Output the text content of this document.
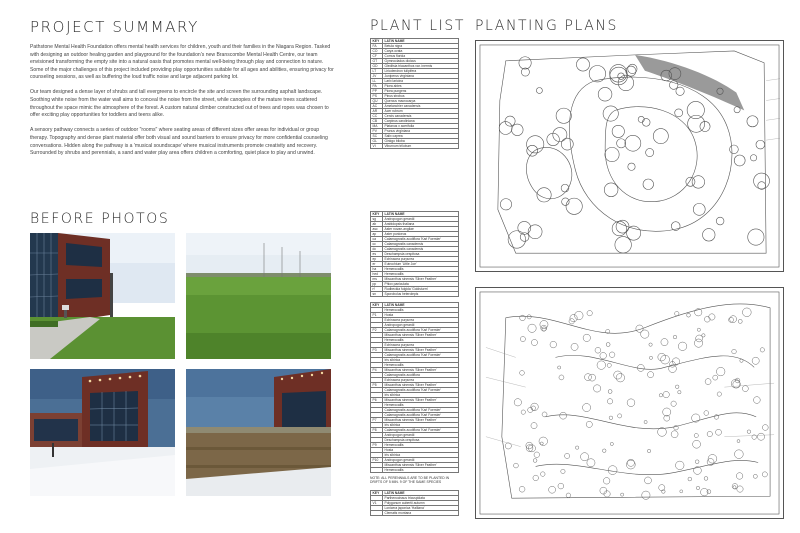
PROJECT SUMMARY

Pathstone Mental Health Foundation offers mental health services for children, youth and their families in the Niagara Region. Tasked with designing an outdoor healing garden and playground for the foundation's new Branscombe Mental Health Centre, our team envisioned transforming the empty site into a natural oasis that promotes mental well-being through play and connection to nature. Some of the major challenges of this project included providing play opportunities suitable for all ages and abilities, ensuring privacy for counseling sessions, as well as buffering the loud traffic noise and large adjacent parking lot.

Our team designed a dense layer of shrubs and tall evergreens to encircle the site and screen the surrounding asphalt landscape. Soothing white noise from the water wall aims to conceal the noise from the street, while canopies of the mature trees scattered throughout the space mimic the atmosphere of the forest. A custom natural climber constructed out of trees and ropes was chosen to offer exciting play opportunities for toddlers and teens alike.

A sensory pathway connects a series of outdoor "rooms" where seating areas of different sizes offer areas for individual or group therapy. Topography and dense plant material offer both visual and sound barriers to ensure privacy for more confidential counseling conversations. Hidden along the pathway is a 'musical soundscape' where musical instruments promote creativity and recovery. Surrounded by shrubs and perennials, a sand and water play area offers children a comforting, quiet place to play and unwind.

BEFORE PHOTOS
PLANT LIST
KEY	LATIN NAME
FA	Betula nigra
CO	Carya ovata
CF	Cornus florida
GT	Gymnocladus dioicus
GD	Gleditsia triacanthos var. inermis
LT	Liriodendron tulipifera
JV	Juniperus virginiana
LL	Larix laricina
PA	Picea abies
PP	Picea pungens
PS	Pinus strobus
QU	Quercus macrocarpa
AC	Amelanchier canadensis
AR	Acer rubrum
CC	Cercis canadensis
CB	Carpinus caroliniana
MA	Platanus x acerifolia
PV	Prunus virginiana
SC	Salix caprea
GL	Ginkgo biloba
VI	Viburnum trilobum
KEY	LATIN NAME
sg	Andropogon gerardii
ab	Arabidopsis thaliana
asc	Aster novae-angliae
ap	Aster puniceus
ca	Calamagrostis acutiflora 'Karl Foerster'
cc	Calamagrostis canadensis
dc	Calamagrostis canadensis
es	Deschampsia cespitosa
ep	Echinacea purpurea
er	Eutrochium 'Little Joe'
ha	Hemerocallis
hed	Hemerocallis
ms	Miscanthus sinensis 'Silver Feather'
pp	Phlox paniculata
rf	Rudbeckia fulgida 'Goldsturm'
sn	Sporobolus heterolepis
KEY	LATIN NAME
	Hemerocallis
P1	Hosta
	Echinacea purpurea
	Andropogon gerardii
P2	Calamagrostis acutiflora 'Karl Foerster'
	Miscanthus sinensis 'Silver Feather'
	Hemerocallis
	Echinacea purpurea
P3	Miscanthus sinensis 'Silver Feather'
	Calamagrostis acutiflora 'Karl Foerster'
	Iris sibirica
	Hemerocallis
P4	Miscanthus sinensis 'Silver Feather'
	Calamagrostis acutiflora
	Echinacea purpurea
P5	Miscanthus sinensis 'Silver Feather'
	Calamagrostis acutiflora 'Karl Foerster'
	Iris sibirica
P6	Miscanthus sinensis 'Silver Feather'
	Hemerocallis
	Calamagrostis acutiflora 'Karl Foerster'
	Calamagrostis acutiflora 'Karl Foerster'
P7	Miscanthus sinensis 'Silver Feather'
	Iris sibirica
P8	Calamagrostis acutiflora 'Karl Foerster'
	Andropogon gerardii
	Deschampsia cespitosa
P9	Hemerocallis
	Hosta
	Iris sibirica
P10	Andropogon gerardii
	Miscanthus sinensis 'Silver Feather'
	Hemerocallis
NOTE: ALL PERENNIALS ARE TO BE PLANTED IN DRIFTS OF 5 MIN. 9 OF THE SAME SPECIES
KEY	LATIN NAME
	Parthenocissus tricuspidata
V1	Polygonum aubertii autumn
	Lonicera japonica 'Halliana'
	Clematis montana
PLANTING PLANS
